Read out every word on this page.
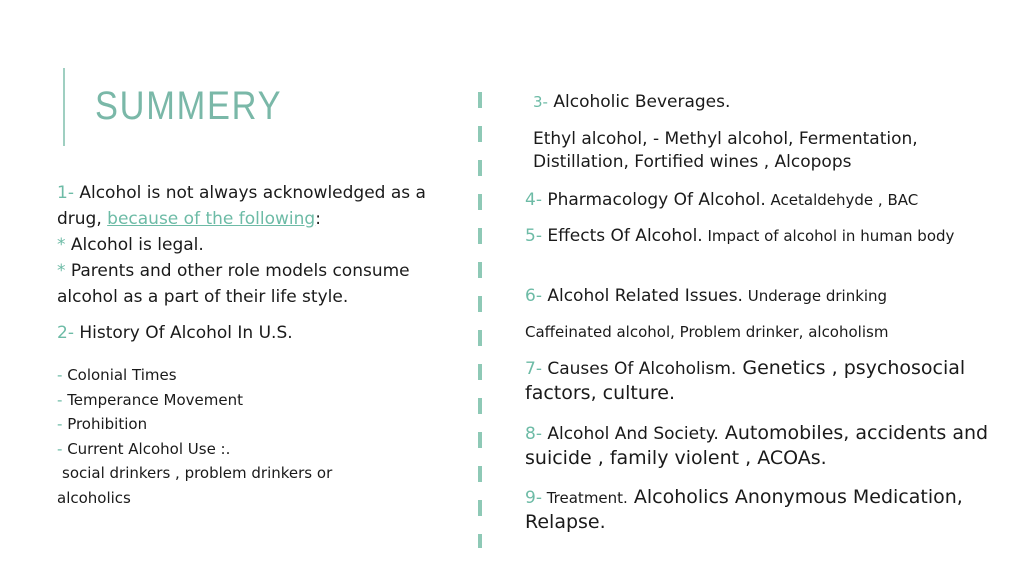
SUMMERY
1- Alcohol is not always acknowledged as a drug, because of the following:
* Alcohol is legal.
* Parents and other role models consume alcohol as a part of their life style.
2- History Of Alcohol In U.S.
- Colonial Times
- Temperance Movement
- Prohibition
- Current Alcohol Use :.
social drinkers , problem drinkers or
alcoholics
3- Alcoholic Beverages.
Ethyl alcohol, - Methyl alcohol, Fermentation, Distillation, Fortified wines , Alcopops
4- Pharmacology Of Alcohol. Acetaldehyde , BAC
5- Effects Of Alcohol. Impact of alcohol in human body
6- Alcohol Related Issues. Underage drinking
Caffeinated alcohol, Problem drinker, alcoholism
7- Causes Of Alcoholism. Genetics , psychosocial factors, culture.
8- Alcohol And Society. Automobiles, accidents and suicide , family violent , ACOAs.
9- Treatment. Alcoholics Anonymous Medication, Relapse.
